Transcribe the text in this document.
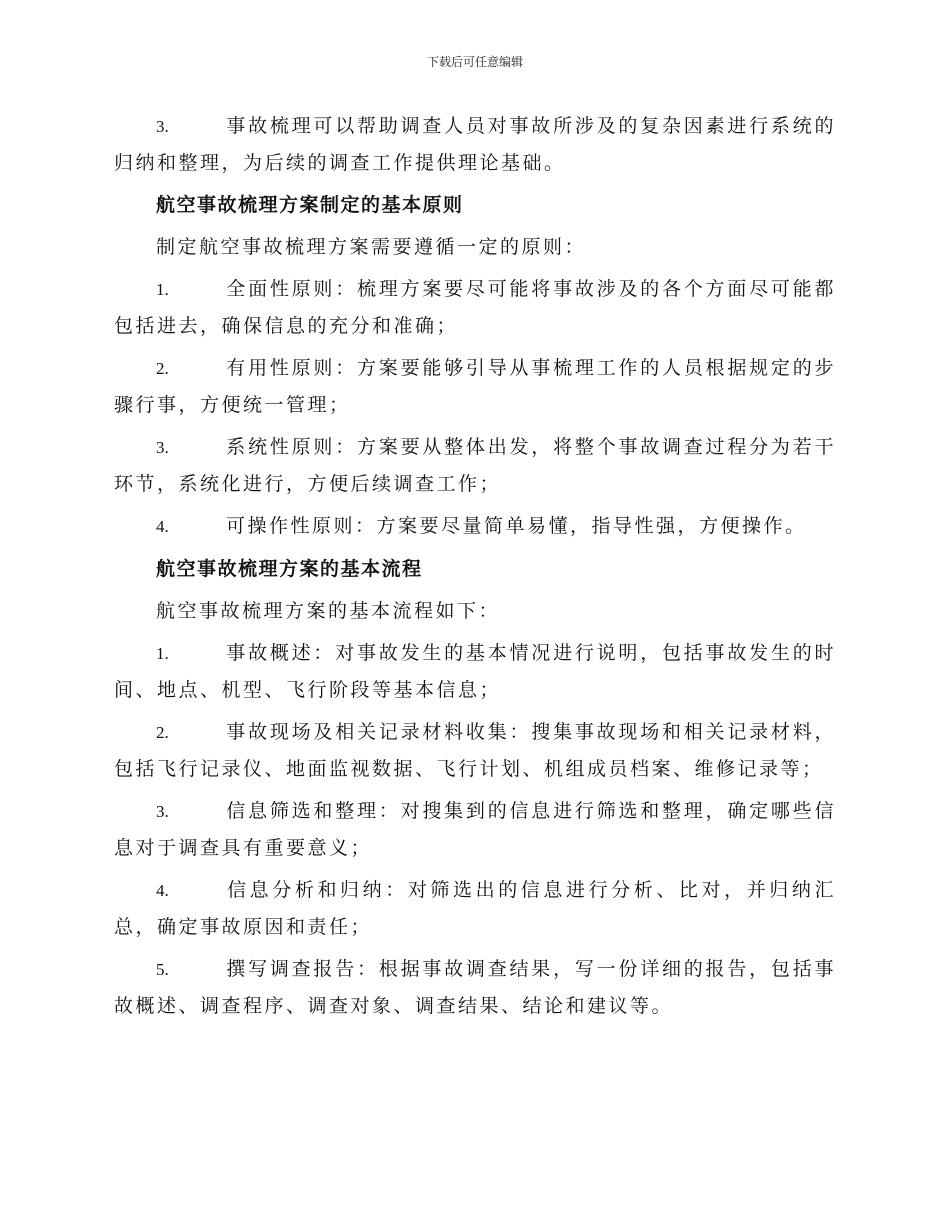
下载后可任意编辑
3.	事故梳理可以帮助调查人员对事故所涉及的复杂因素进行系统的归纳和整理，为后续的调查工作提供理论基础。
航空事故梳理方案制定的基本原则
制定航空事故梳理方案需要遵循一定的原则：
1.	全面性原则：梳理方案要尽可能将事故涉及的各个方面尽可能都包括进去，确保信息的充分和准确；
2.	有用性原则：方案要能够引导从事梳理工作的人员根据规定的步骤行事，方便统一管理；
3.	系统性原则：方案要从整体出发，将整个事故调查过程分为若干环节，系统化进行，方便后续调查工作；
4.	可操作性原则：方案要尽量简单易懂，指导性强，方便操作。
航空事故梳理方案的基本流程
航空事故梳理方案的基本流程如下：
1.	事故概述：对事故发生的基本情况进行说明，包括事故发生的时间、地点、机型、飞行阶段等基本信息；
2.	事故现场及相关记录材料收集：搜集事故现场和相关记录材料，包括飞行记录仪、地面监视数据、飞行计划、机组成员档案、维修记录等；
3.	信息筛选和整理：对搜集到的信息进行筛选和整理，确定哪些信息对于调查具有重要意义；
4.	信息分析和归纳：对筛选出的信息进行分析、比对，并归纳汇总，确定事故原因和责任；
5.	撰写调查报告：根据事故调查结果，写一份详细的报告，包括事故概述、调查程序、调查对象、调查结果、结论和建议等。
